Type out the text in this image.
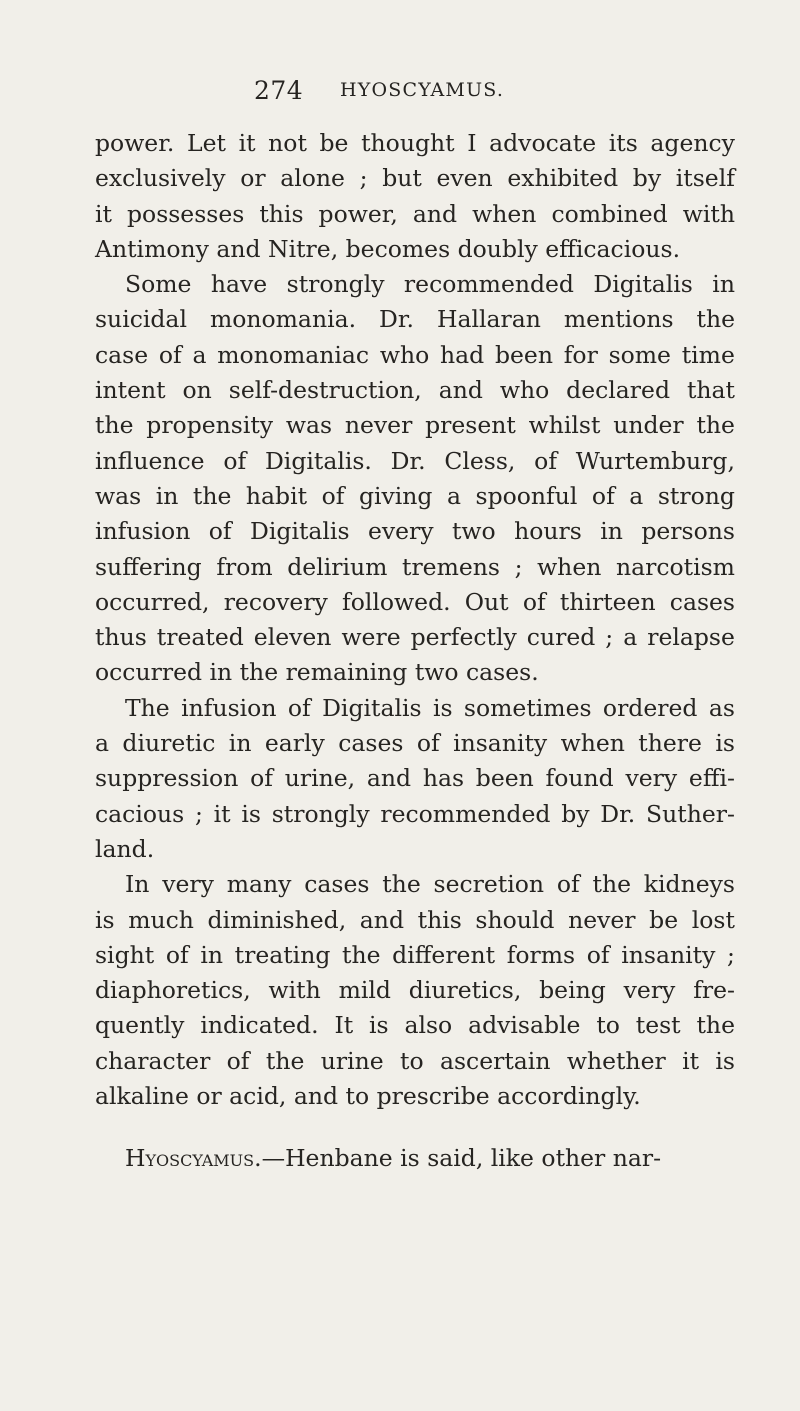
274 HYOSCYAMUS.
power. Let it not be thought I advocate its agency
exclusively or alone ; but even exhibited by itself
it possesses this power, and when combined with
Antimony and Nitre, becomes doubly efficacious.
Some have strongly recommended Digitalis in
suicidal monomania. Dr. Hallaran mentions the
case of a monomaniac who had been for some time
intent on self-destruction, and who declared that
the propensity was never present whilst under the
influence of Digitalis. Dr. Cless, of Wurtemburg,
was in the habit of giving a spoonful of a strong
infusion of Digitalis every two hours in persons
suffering from delirium tremens ; when narcotism
occurred, recovery followed. Out of thirteen cases
thus treated eleven were perfectly cured ; a relapse
occurred in the remaining two cases.
The infusion of Digitalis is sometimes ordered as
a diuretic in early cases of insanity when there is
suppression of urine, and has been found very effi-
cacious ; it is strongly recommended by Dr. Suther-
land.
In very many cases the secretion of the kidneys
is much diminished, and this should never be lost
sight of in treating the different forms of insanity ;
diaphoretics, with mild diuretics, being very fre-
quently indicated. It is also advisable to test the
character of the urine to ascertain whether it is
alkaline or acid, and to prescribe accordingly.
Hyoscyamus. —Henbane is said, like other nar-
